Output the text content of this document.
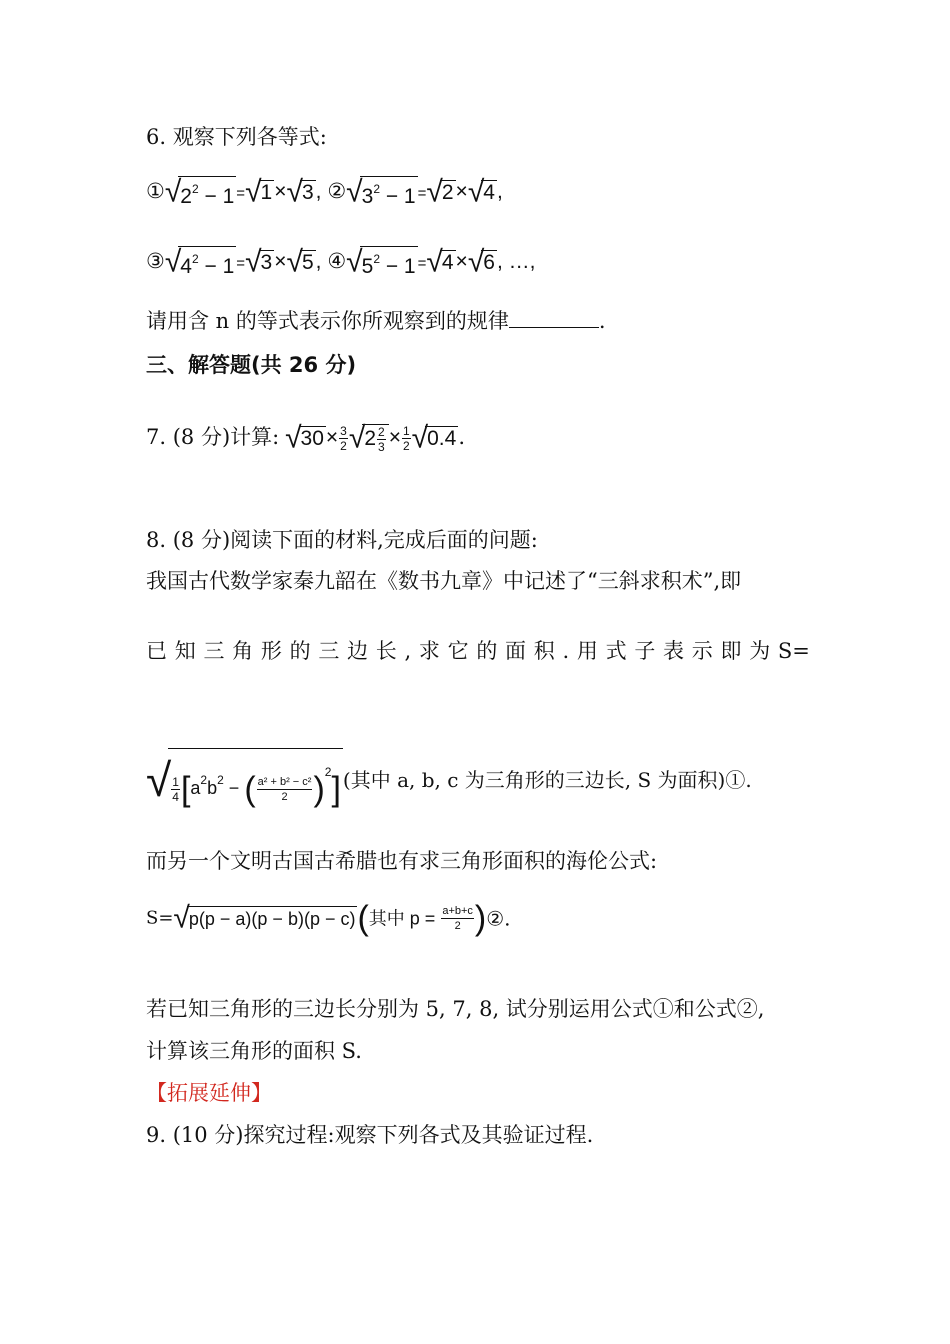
6. 观察下列各等式:
$①√2^2 - 1 =√1\times√3$, $②√3^2 - 1 =√2\times√4$,
$③√4^2 - 1 =√3\times√5$, $④√5^2 - 1 =√4\times√6$, …,
请用含 n 的等式表示你所观察到的规律	.
三、解答题(共 26 分)
7. (8 分)计算: $√30\times \frac{3}{2} √2 \frac{2}{3} \times \frac{1}{2} √0.4$.
8. (8 分)阅读下面的材料,完成后面的问题:
我国古代数学家秦九韶在《数书九章》中记述了“三斜求积术”,即
已 知 三 角 形 的 三 边 长 , 求 它 的 面 积 . 用 式 子 表 示 即 为 S=
√ $\frac{1}{4} [a^2b^2$ − ( $\frac{\text{a² + b² − c²}}{2} )^2$] (其中 a, b, c 为三角形的三边长, S 为面积)①.
而另一个文明古国古希腊也有求三角形面积的海伦公式:
S=√p(p − a)(p − b)(p − c)(其中 $p = \frac{a+b+c}{2}$ )②.
若已知三角形的三边长分别为 5, 7, 8, 试分别运用公式①和公式②,
计算该三角形的面积 S.
【拓展延伸】
9. (10 分)探究过程:观察下列各式及其验证过程.
